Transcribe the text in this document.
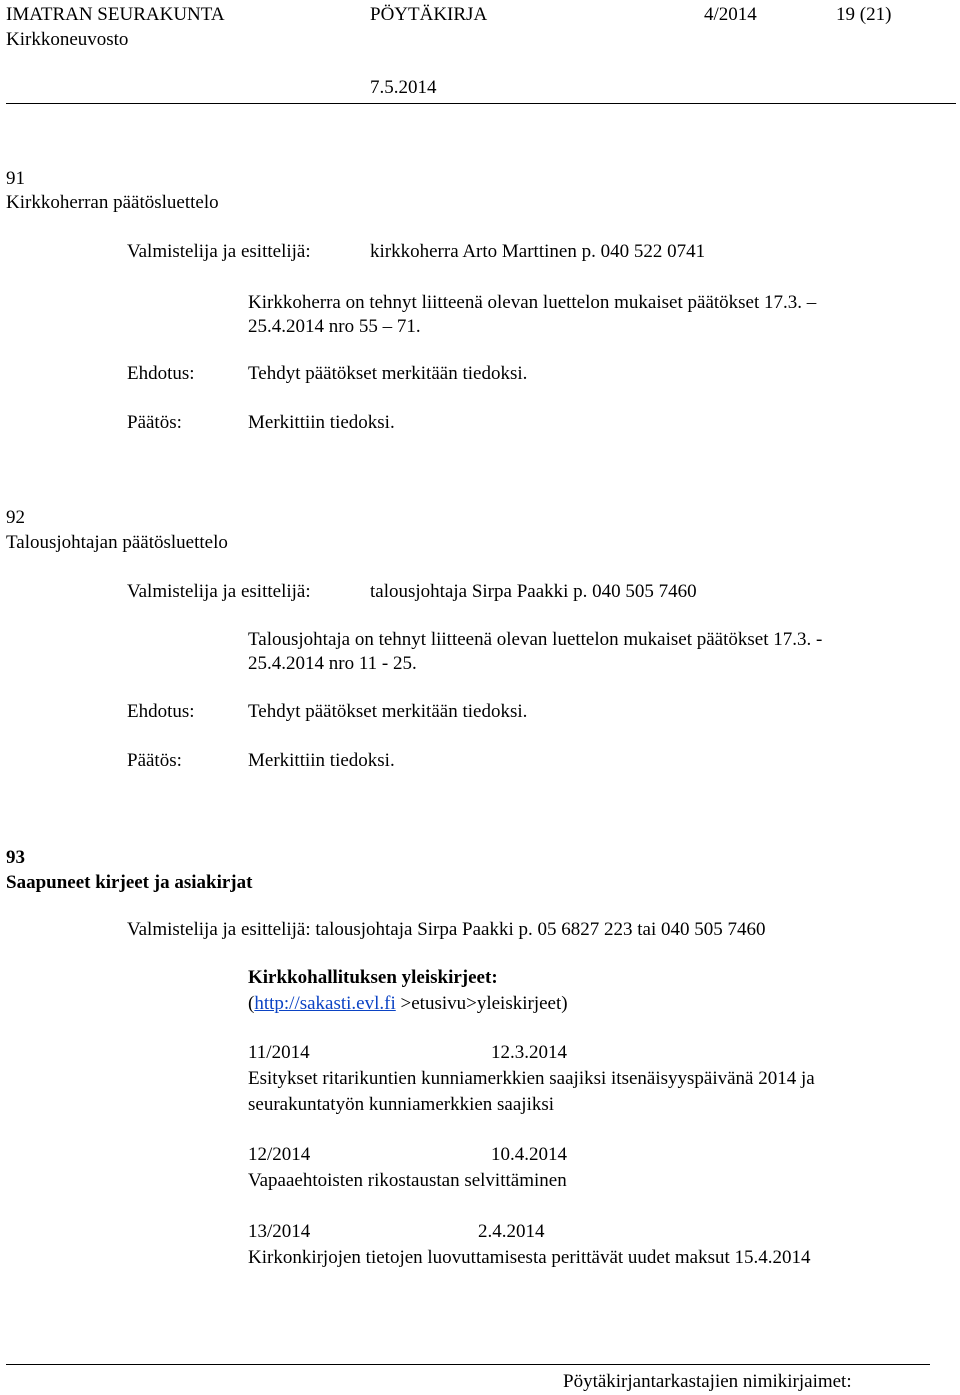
IMATRAN SEURAKUNTA	PÖYTÄKIRJA	4/2014	19 (21)
Kirkkoneuvosto
7.5.2014
91
Kirkkoherran päätösluettelo
Valmistelija ja esittelijä:	kirkkoherra Arto Marttinen p. 040 522 0741
Kirkkoherra on tehnyt liitteenä olevan luettelon mukaiset päätökset 17.3. –
25.4.2014 nro 55 – 71.
Ehdotus:	Tehdyt päätökset merkitään tiedoksi.
Päätös:	Merkittiin tiedoksi.
92
Talousjohtajan päätösluettelo
Valmistelija ja esittelijä:	talousjohtaja Sirpa Paakki p. 040 505 7460
Talousjohtaja on tehnyt liitteenä olevan luettelon mukaiset päätökset 17.3. -
25.4.2014 nro 11 - 25.
Ehdotus:	Tehdyt päätökset merkitään tiedoksi.
Päätös:	Merkittiin tiedoksi.
93
Saapuneet kirjeet ja asiakirjat
Valmistelija ja esittelijä: talousjohtaja Sirpa Paakki p. 05 6827 223 tai 040 505 7460
Kirkkohallituksen yleiskirjeet:
(http://sakasti.evl.fi >etusivu>yleiskirjeet)
11/2014	12.3.2014
Esitykset ritarikuntien kunniamerkkien saajiksi itsenäisyyspäivänä 2014 ja
seurakuntatyön kunniamerkkien saajiksi
12/2014	10.4.2014
Vapaaehtoisten rikostaustan selvittäminen
13/2014	2.4.2014
Kirkonkirjojen tietojen luovuttamisesta perittävät uudet maksut 15.4.2014
Pöytäkirjantarkastajien nimikirjaimet:
